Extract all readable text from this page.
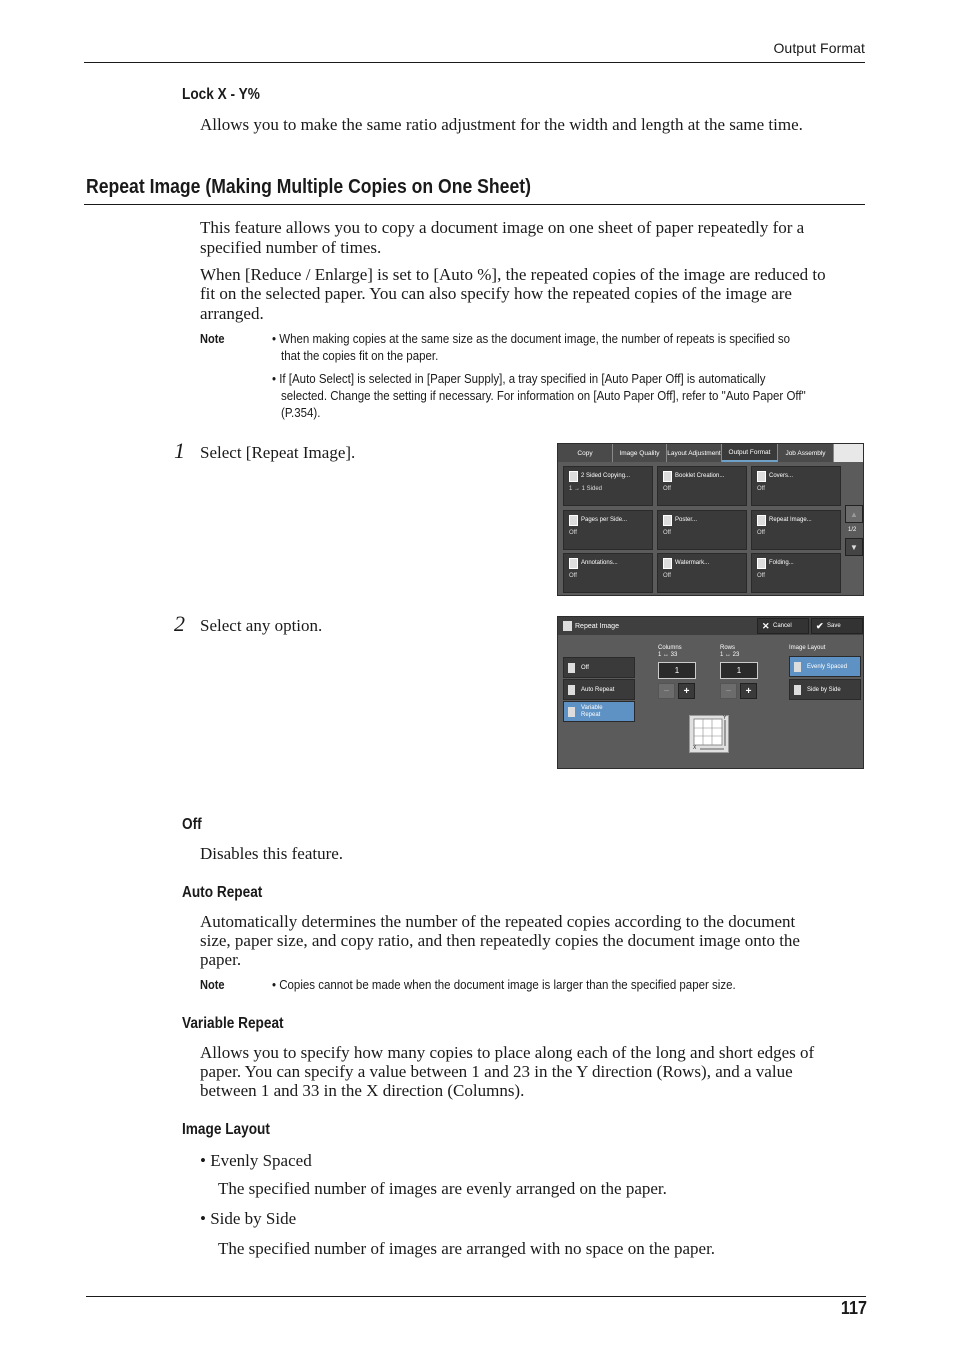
Output Format
Lock X - Y%
Allows you to make the same ratio adjustment for the width and length at the same time.
Repeat Image (Making Multiple Copies on One Sheet)
This feature allows you to copy a document image on one sheet of paper repeatedly for a
specified number of times.
When [Reduce / Enlarge] is set to [Auto %], the repeated copies of the image are reduced to
fit on the selected paper. You can also specify how the repeated copies of the image are
arranged.
Note	• When making copies at the same size as the document image, the number of repeats is specified so
that the copies fit on the paper.
• If [Auto Select] is selected in [Paper Supply], a tray specified in [Auto Paper Off] is automatically
selected. Change the setting if necessary. For information on [Auto Paper Off], refer to "Auto Paper Off"
(P.354).
1 Select [Repeat Image].	Copy	Image Quality	Layout Adjustment	Output Format	Job Assembly
2 Sided Copying...
1 → 1 Sided
Booklet Creation...
Off
Covers...
Off
Pages per Side...
Off
Poster...
Off
Repeat Image...
Off
Annotations...
Off
Watermark...
Off
Folding...
Off
▲
1/2
▼
2 Select any option.	Repeat Image	✕ Cancel	✔ Save
Off
Auto Repeat
Variable Repeat
Columns
1 ↔ 33
1
−	+
Rows
1 ↔ 23
1
−	+
Image Layout
Evenly Spaced
Side by Side
Y
X
Off
Disables this feature.
Auto Repeat
Automatically determines the number of the repeated copies according to the document
size, paper size, and copy ratio, and then repeatedly copies the document image onto the
paper.
Note	• Copies cannot be made when the document image is larger than the specified paper size.
Variable Repeat
Allows you to specify how many copies to place along each of the long and short edges of
paper. You can specify a value between 1 and 23 in the Y direction (Rows), and a value
between 1 and 33 in the X direction (Columns).
Image Layout
• Evenly Spaced
The specified number of images are evenly arranged on the paper.
• Side by Side
The specified number of images are arranged with no space on the paper.
117
